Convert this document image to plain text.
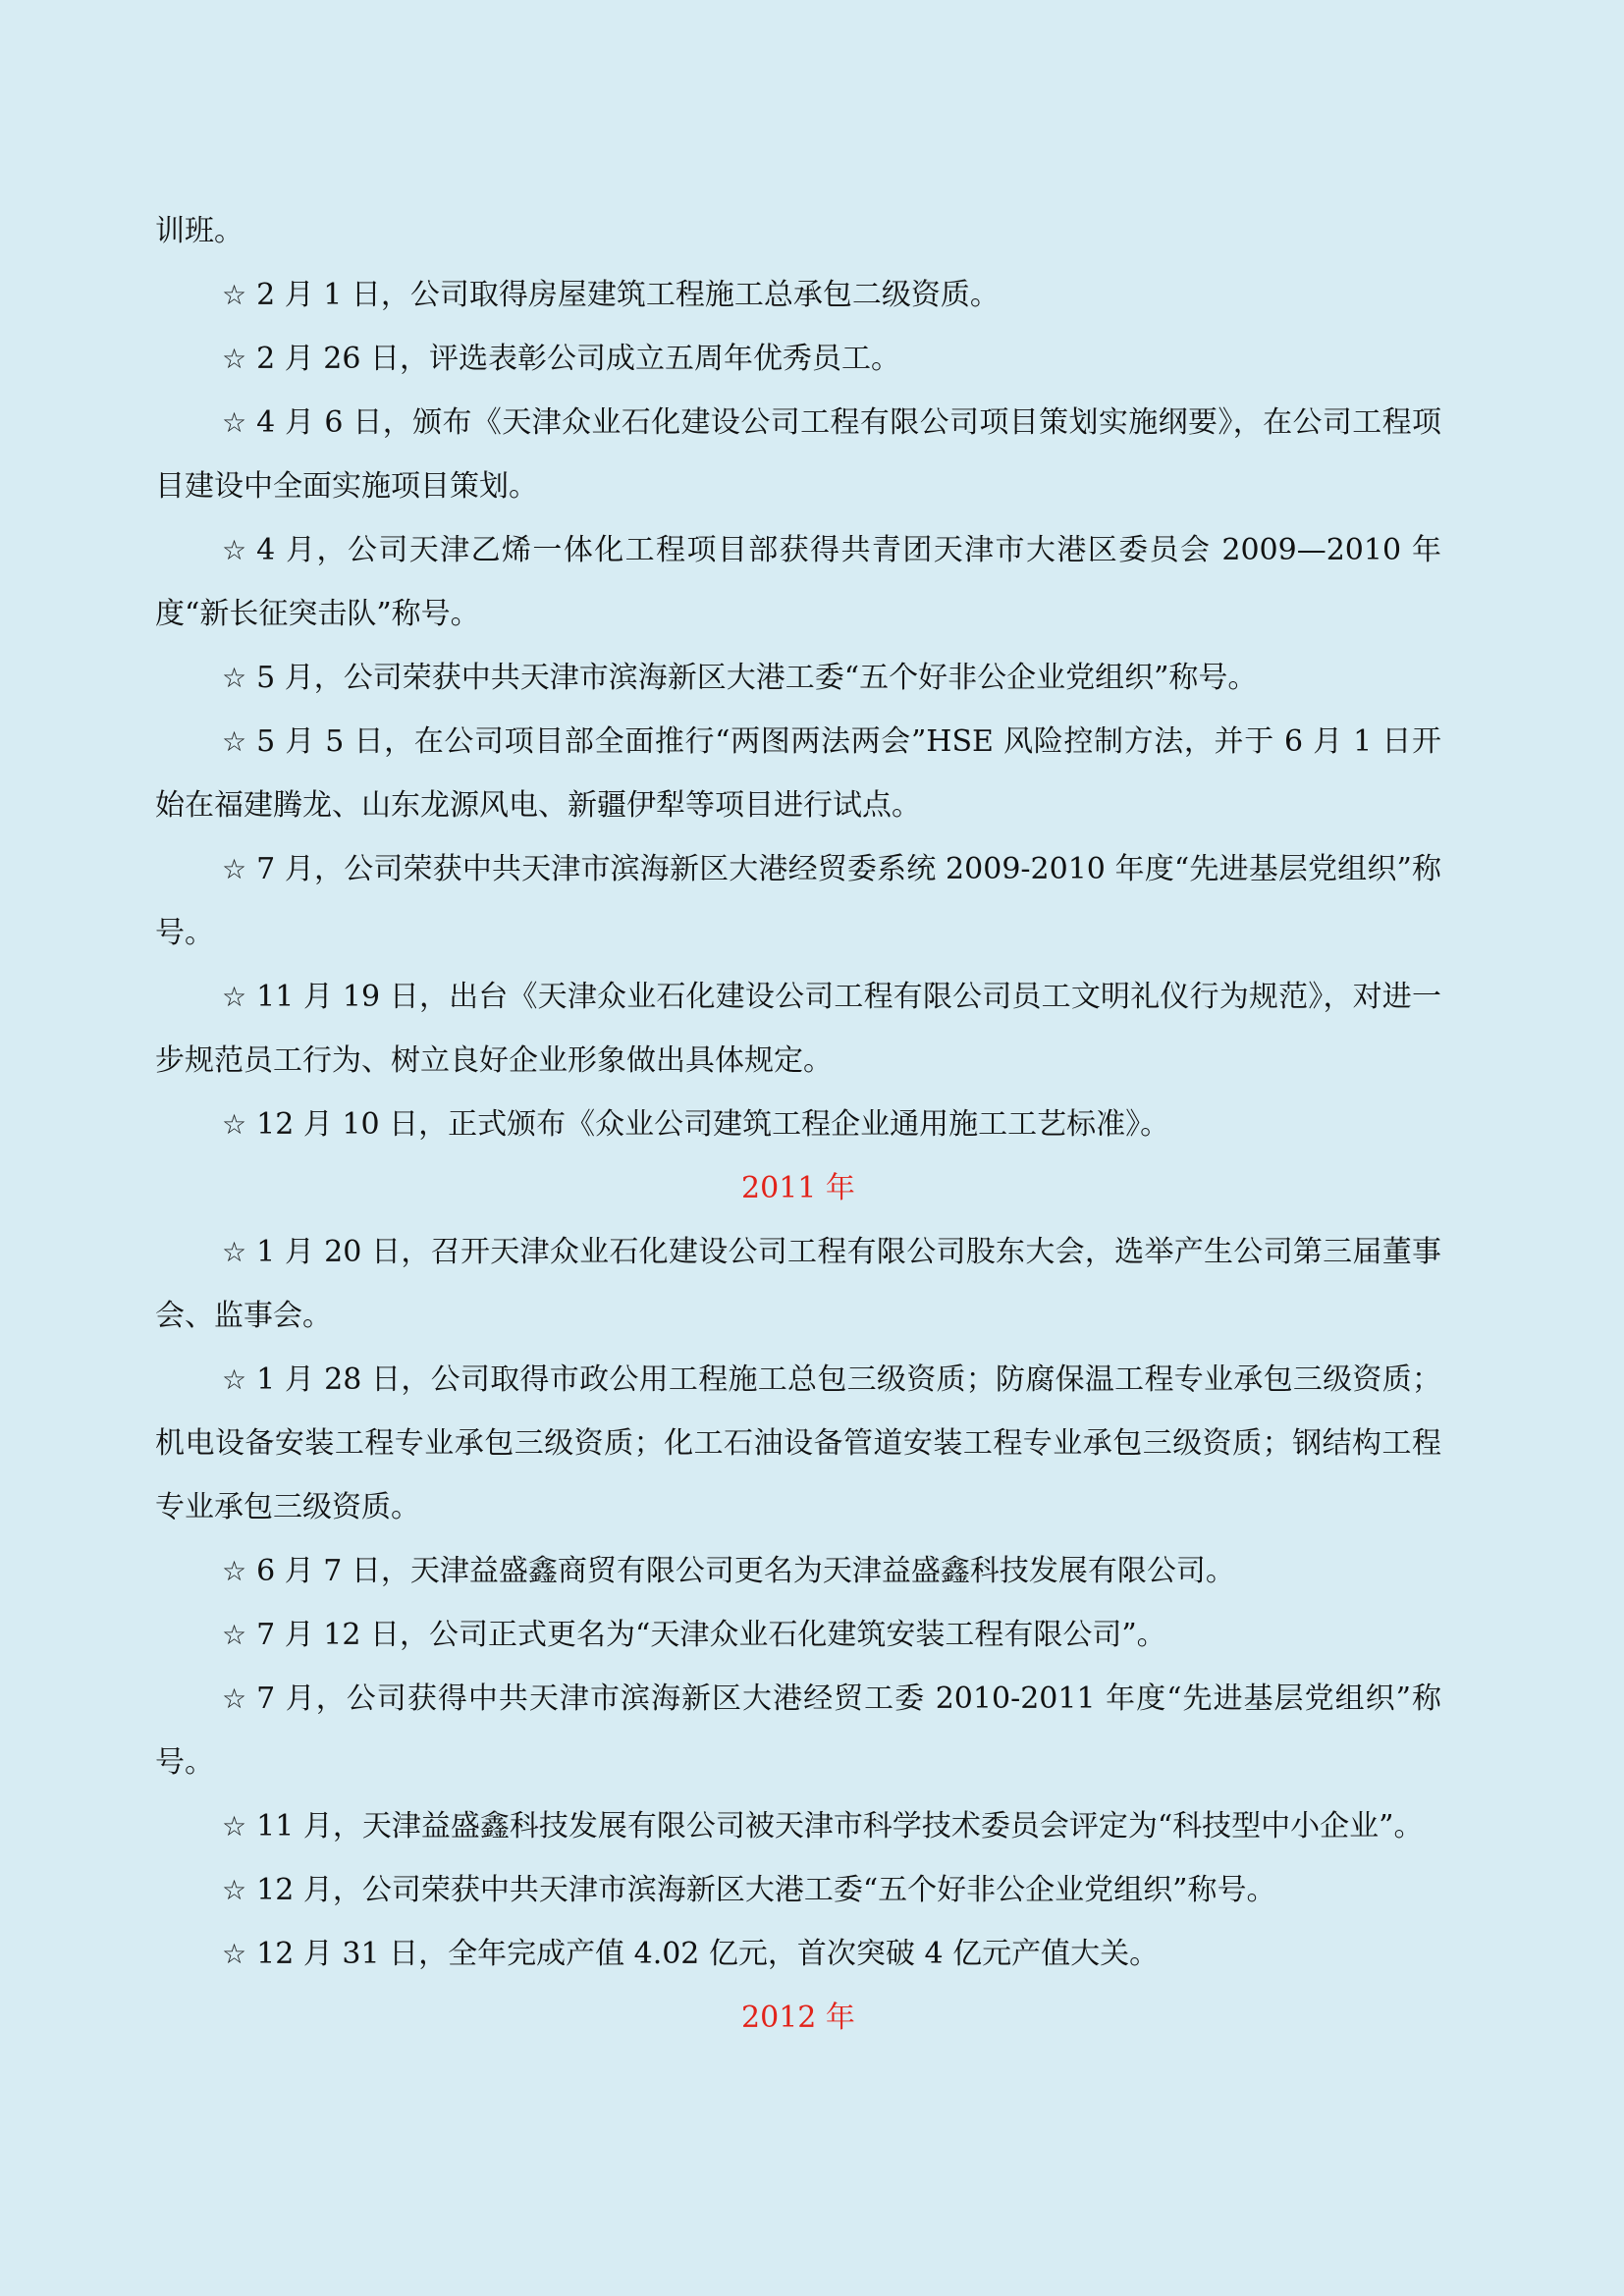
训班。

☆ 2 月 1 日，公司取得房屋建筑工程施工总承包二级资质。

☆ 2 月 26 日，评选表彰公司成立五周年优秀员工。

☆ 4 月 6 日，颁布《天津众业石化建设公司工程有限公司项目策划实施纲要》，在公司工程项目建设中全面实施项目策划。

☆ 4 月，公司天津乙烯一体化工程项目部获得共青团天津市大港区委员会 2009—2010 年度“新长征突击队”称号。

☆ 5 月，公司荣获中共天津市滨海新区大港工委“五个好非公企业党组织”称号。

☆ 5 月 5 日，在公司项目部全面推行“两图两法两会”HSE 风险控制方法，并于 6 月 1 日开始在福建腾龙、山东龙源风电、新疆伊犁等项目进行试点。

☆ 7 月，公司荣获中共天津市滨海新区大港经贸委系统 2009-2010 年度“先进基层党组织”称号。

☆ 11 月 19 日，出台《天津众业石化建设公司工程有限公司员工文明礼仪行为规范》，对进一步规范员工行为、树立良好企业形象做出具体规定。

☆ 12 月 10 日，正式颁布《众业公司建筑工程企业通用施工工艺标准》。

2011 年

☆ 1 月 20 日，召开天津众业石化建设公司工程有限公司股东大会，选举产生公司第三届董事会、监事会。

☆ 1 月 28 日，公司取得市政公用工程施工总包三级资质；防腐保温工程专业承包三级资质；机电设备安装工程专业承包三级资质；化工石油设备管道安装工程专业承包三级资质；钢结构工程专业承包三级资质。

☆ 6 月 7 日，天津益盛鑫商贸有限公司更名为天津益盛鑫科技发展有限公司。

☆ 7 月 12 日，公司正式更名为“天津众业石化建筑安装工程有限公司”。

☆ 7 月，公司获得中共天津市滨海新区大港经贸工委 2010-2011 年度“先进基层党组织”称号。

☆ 11 月，天津益盛鑫科技发展有限公司被天津市科学技术委员会评定为“科技型中小企业”。

☆ 12 月，公司荣获中共天津市滨海新区大港工委“五个好非公企业党组织”称号。

☆ 12 月 31 日，全年完成产值 4.02 亿元，首次突破 4 亿元产值大关。

2012 年
